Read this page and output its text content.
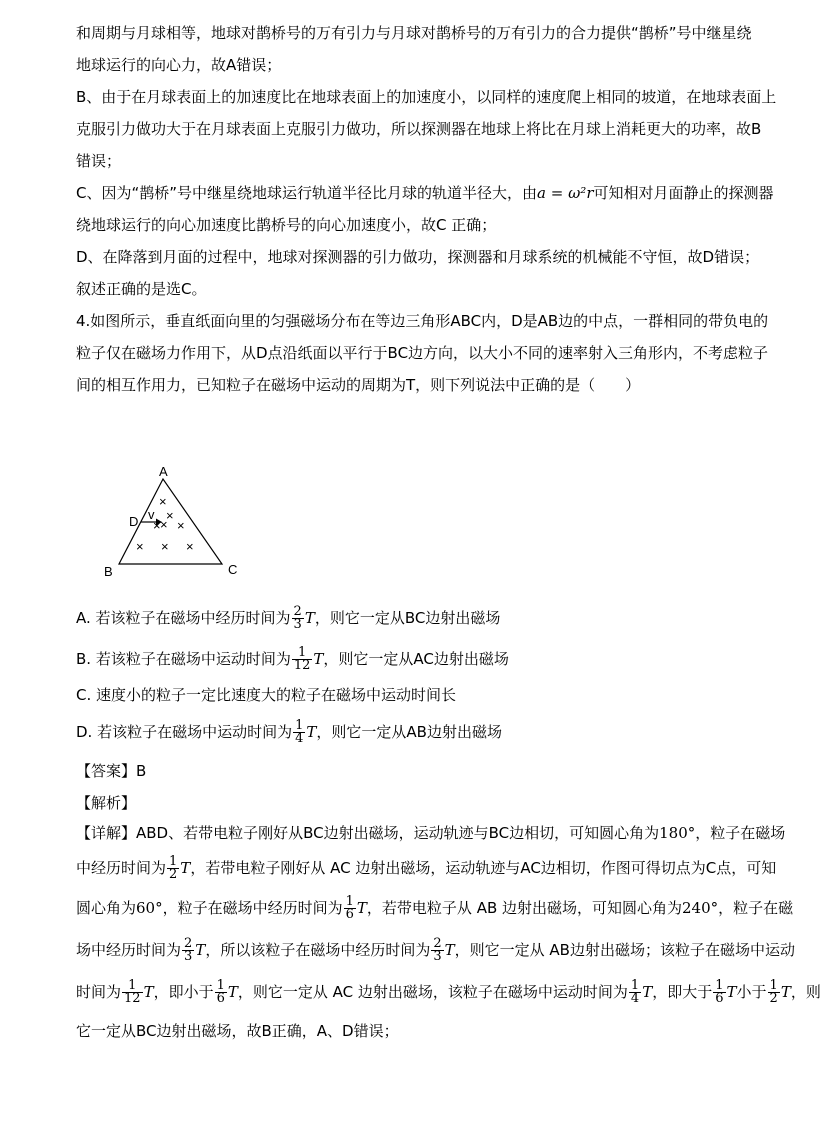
和周期与月球相等，地球对鹊桥号的万有引力与月球对鹊桥号的万有引力的合力提供“鹊桥”号中继星绕
地球运行的向心力，故A错误；
B、由于在月球表面上的加速度比在地球表面上的加速度小，以同样的速度爬上相同的坡道，在地球表面上
克服引力做功大于在月球表面上克服引力做功，所以探测器在地球上将比在月球上消耗更大的功率，故B
错误；
C、因为“鹊桥”号中继星绕地球运行轨道半径比月球的轨道半径大，由a = ω²r可知相对月面静止的探测器
绕地球运行的向心加速度比鹊桥号的向心加速度小，故C 正确；
D、在降落到月面的过程中，地球对探测器的引力做功，探测器和月球系统的机械能不守恒，故D错误；
叙述正确的是选C。
4.如图所示，垂直纸面向里的匀强磁场分布在等边三角形ABC内，D是AB边的中点，一群相同的带负电的
粒子仅在磁场力作用下，从D点沿纸面以平行于BC边方向，以大小不同的速率射入三角形内，不考虑粒子
间的相互作用力，已知粒子在磁场中运动的周期为T，则下列说法中正确的是（　　）
A
B	C
D v
×
×
×
× ×
× × ×
A. 若该粒子在磁场中经历时间为 $\frac{2}{3}$ T，则它一定从BC边射出磁场
B. 若该粒子在磁场中运动时间为 $\frac{1}{12}$ T，则它一定从AC边射出磁场
C. 速度小的粒子一定比速度大的粒子在磁场中运动时间长
D. 若该粒子在磁场中运动时间为 $\frac{1}{4}$ T，则它一定从AB边射出磁场
【答案】B
【解析】
【详解】ABD、若带电粒子刚好从BC边射出磁场，运动轨迹与BC边相切，可知圆心角为180°，粒子在磁场
中经历时间为 $\frac{1}{2}$ T，若带电粒子刚好从 AC 边射出磁场，运动轨迹与AC边相切，作图可得切点为C点，可知
圆心角为60°，粒子在磁场中经历时间为 $\frac{1}{6}$ T，若带电粒子从 AB 边射出磁场，可知圆心角为240°，粒子在磁
场中经历时间为 $\frac{2}{3}$ T，所以该粒子在磁场中经历时间为 $\frac{2}{3}$ T，则它一定从 AB边射出磁场；该粒子在磁场中运动
时间为 $\frac{1}{12}$ T，即小于 $\frac{1}{6}$ T，则它一定从 AC 边射出磁场，该粒子在磁场中运动时间为 $\frac{1}{4}$ T，即大于 $\frac{1}{6}$ T小于 $\frac{1}{2}$ T，则
它一定从BC边射出磁场，故B正确，A、D错误；
